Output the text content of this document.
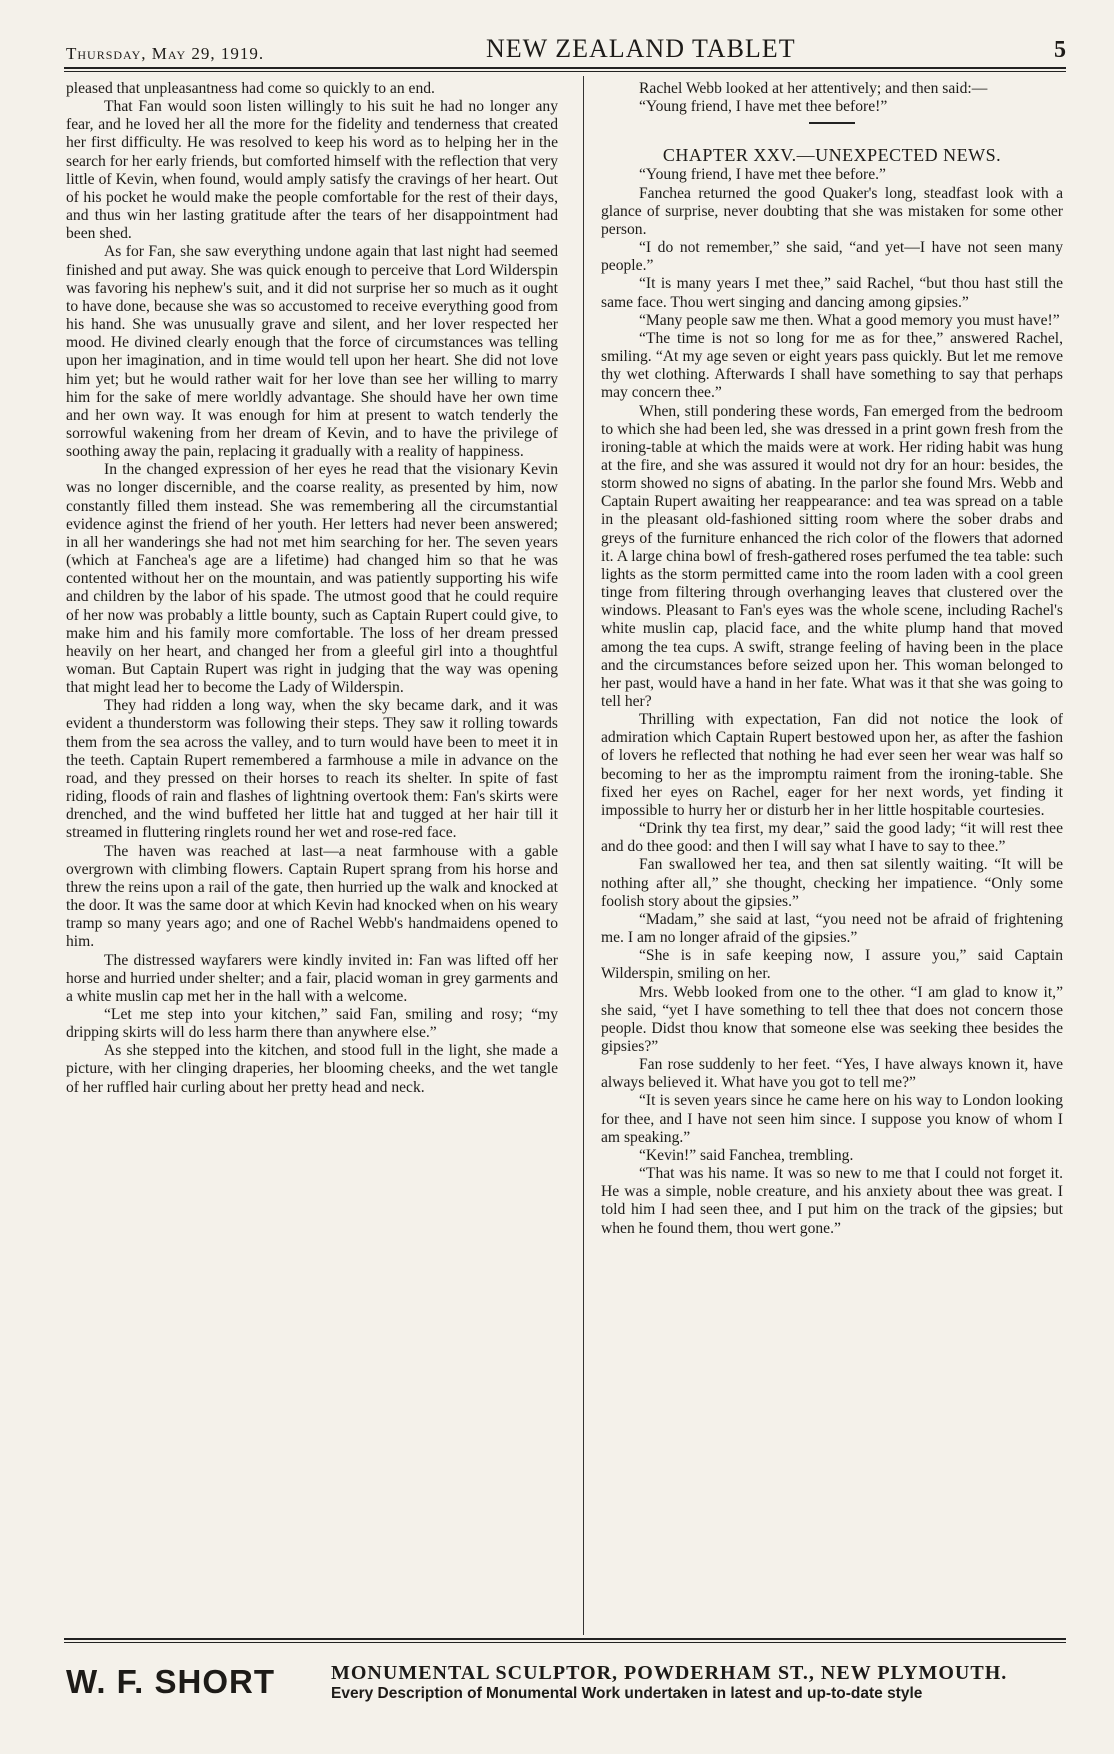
Thursday, May 29, 1919.	NEW ZEALAND TABLET	5

pleased that unpleasantness had come so quickly to an end.

That Fan would soon listen willingly to his suit he had no longer any fear, and he loved her all the more for the fidelity and tenderness that created her first difficulty. He was resolved to keep his word as to helping her in the search for her early friends, but comforted himself with the reflection that very little of Kevin, when found, would amply satisfy the cravings of her heart. Out of his pocket he would make the people comfortable for the rest of their days, and thus win her lasting gratitude after the tears of her disappointment had been shed.

As for Fan, she saw everything undone again that last night had seemed finished and put away. She was quick enough to perceive that Lord Wilderspin was favoring his nephew's suit, and it did not surprise her so much as it ought to have done, because she was so accustomed to receive everything good from his hand. She was unusually grave and silent, and her lover respected her mood. He divined clearly enough that the force of circumstances was telling upon her imagination, and in time would tell upon her heart. She did not love him yet; but he would rather wait for her love than see her willing to marry him for the sake of mere worldly advantage. She should have her own time and her own way. It was enough for him at present to watch tenderly the sorrowful wakening from her dream of Kevin, and to have the privilege of soothing away the pain, replacing it gradually with a reality of happiness.

In the changed expression of her eyes he read that the visionary Kevin was no longer discernible, and the coarse reality, as presented by him, now constantly filled them instead. She was remembering all the circumstantial evidence aginst the friend of her youth. Her letters had never been answered; in all her wanderings she had not met him searching for her. The seven years (which at Fanchea's age are a lifetime) had changed him so that he was contented without her on the mountain, and was patiently supporting his wife and children by the labor of his spade. The utmost good that he could require of her now was probably a little bounty, such as Captain Rupert could give, to make him and his family more comfortable. The loss of her dream pressed heavily on her heart, and changed her from a gleeful girl into a thoughtful woman. But Captain Rupert was right in judging that the way was opening that might lead her to become the Lady of Wilderspin.

They had ridden a long way, when the sky became dark, and it was evident a thunderstorm was following their steps. They saw it rolling towards them from the sea across the valley, and to turn would have been to meet it in the teeth. Captain Rupert remembered a farmhouse a mile in advance on the road, and they pressed on their horses to reach its shelter. In spite of fast riding, floods of rain and flashes of lightning overtook them: Fan's skirts were drenched, and the wind buffeted her little hat and tugged at her hair till it streamed in fluttering ringlets round her wet and rose-red face.

The haven was reached at last—a neat farmhouse with a gable overgrown with climbing flowers. Captain Rupert sprang from his horse and threw the reins upon a rail of the gate, then hurried up the walk and knocked at the door. It was the same door at which Kevin had knocked when on his weary tramp so many years ago; and one of Rachel Webb's handmaidens opened to him.

The distressed wayfarers were kindly invited in: Fan was lifted off her horse and hurried under shelter; and a fair, placid woman in grey garments and a white muslin cap met her in the hall with a welcome.

“Let me step into your kitchen,” said Fan, smiling and rosy; “my dripping skirts will do less harm there than anywhere else.”

As she stepped into the kitchen, and stood full in the light, she made a picture, with her clinging draperies, her blooming cheeks, and the wet tangle of her ruffled hair curling about her pretty head and neck.

Rachel Webb looked at her attentively; and then said:—

“Young friend, I have met thee before!”

CHAPTER XXV.—UNEXPECTED NEWS.

“Young friend, I have met thee before.”

Fanchea returned the good Quaker's long, steadfast look with a glance of surprise, never doubting that she was mistaken for some other person.

“I do not remember,” she said, “and yet—I have not seen many people.”

“It is many years I met thee,” said Rachel, “but thou hast still the same face. Thou wert singing and dancing among gipsies.”

“Many people saw me then. What a good memory you must have!”

“The time is not so long for me as for thee,” answered Rachel, smiling. “At my age seven or eight years pass quickly. But let me remove thy wet clothing. Afterwards I shall have something to say that perhaps may concern thee.”

When, still pondering these words, Fan emerged from the bedroom to which she had been led, she was dressed in a print gown fresh from the ironing-table at which the maids were at work. Her riding habit was hung at the fire, and she was assured it would not dry for an hour: besides, the storm showed no signs of abating. In the parlor she found Mrs. Webb and Captain Rupert awaiting her reappearance: and tea was spread on a table in the pleasant old-fashioned sitting room where the sober drabs and greys of the furniture enhanced the rich color of the flowers that adorned it. A large china bowl of fresh-gathered roses perfumed the tea table: such lights as the storm permitted came into the room laden with a cool green tinge from filtering through overhanging leaves that clustered over the windows. Pleasant to Fan's eyes was the whole scene, including Rachel's white muslin cap, placid face, and the white plump hand that moved among the tea cups. A swift, strange feeling of having been in the place and the circumstances before seized upon her. This woman belonged to her past, would have a hand in her fate. What was it that she was going to tell her?

Thrilling with expectation, Fan did not notice the look of admiration which Captain Rupert bestowed upon her, as after the fashion of lovers he reflected that nothing he had ever seen her wear was half so becoming to her as the impromptu raiment from the ironing-table. She fixed her eyes on Rachel, eager for her next words, yet finding it impossible to hurry her or disturb her in her little hospitable courtesies.

“Drink thy tea first, my dear,” said the good lady; “it will rest thee and do thee good: and then I will say what I have to say to thee.”

Fan swallowed her tea, and then sat silently waiting. “It will be nothing after all,” she thought, checking her impatience. “Only some foolish story about the gipsies.”

“Madam,” she said at last, “you need not be afraid of frightening me. I am no longer afraid of the gipsies.”

“She is in safe keeping now, I assure you,” said Captain Wilderspin, smiling on her.

Mrs. Webb looked from one to the other. “I am glad to know it,” she said, “yet I have something to tell thee that does not concern those people. Didst thou know that someone else was seeking thee besides the gipsies?”

Fan rose suddenly to her feet. “Yes, I have always known it, have always believed it. What have you got to tell me?”

“It is seven years since he came here on his way to London looking for thee, and I have not seen him since. I suppose you know of whom I am speaking.”

“Kevin!” said Fanchea, trembling.

“That was his name. It was so new to me that I could not forget it. He was a simple, noble creature, and his anxiety about thee was great. I told him I had seen thee, and I put him on the track of the gipsies; but when he found them, thou wert gone.”

W. F. SHORT	MONUMENTAL SCULPTOR, POWDERHAM ST., NEW PLYMOUTH.
Every Description of Monumental Work undertaken in latest and up-to-date style
